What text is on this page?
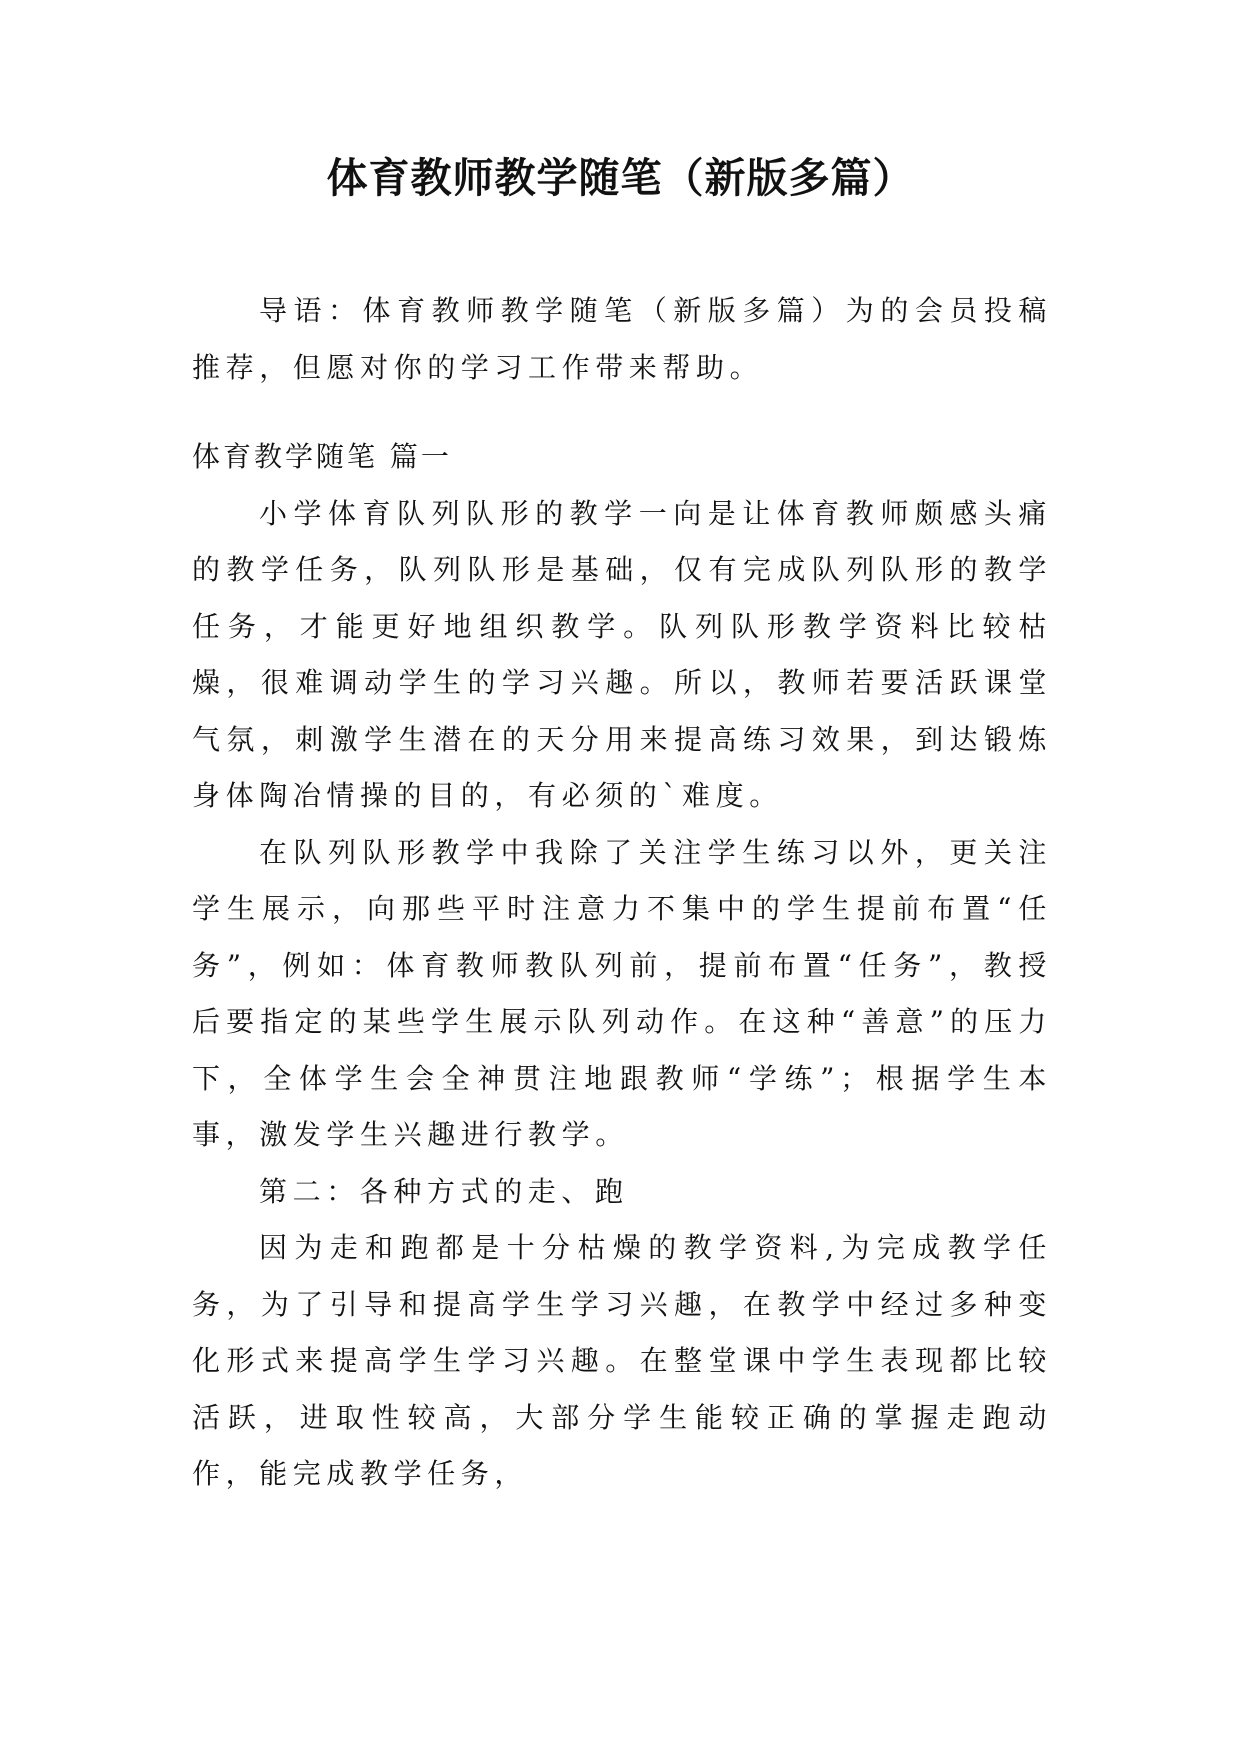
体育教师教学随笔（新版多篇）

导语：体育教师教学随笔（新版多篇）为的会员投稿推荐，但愿对你的学习工作带来帮助。

体育教学随笔 篇一

小学体育队列队形的教学一向是让体育教师颇感头痛的教学任务，队列队形是基础，仅有完成队列队形的教学任务，才能更好地组织教学。队列队形教学资料比较枯燥，很难调动学生的学习兴趣。所以，教师若要活跃课堂气氛，刺激学生潜在的天分用来提高练习效果，到达锻炼身体陶冶情操的目的，有必须的`难度。

在队列队形教学中我除了关注学生练习以外，更关注学生展示，向那些平时注意力不集中的学生提前布置“任务”，例如：体育教师教队列前，提前布置“任务”，教授后要指定的某些学生展示队列动作。在这种“善意”的压力下，全体学生会全神贯注地跟教师“学练”；根据学生本事，激发学生兴趣进行教学。

第二：各种方式的走、跑

因为走和跑都是十分枯燥的教学资料,为完成教学任务，为了引导和提高学生学习兴趣，在教学中经过多种变化形式来提高学生学习兴趣。在整堂课中学生表现都比较活跃，进取性较高，大部分学生能较正确的掌握走跑动作，能完成教学任务，
